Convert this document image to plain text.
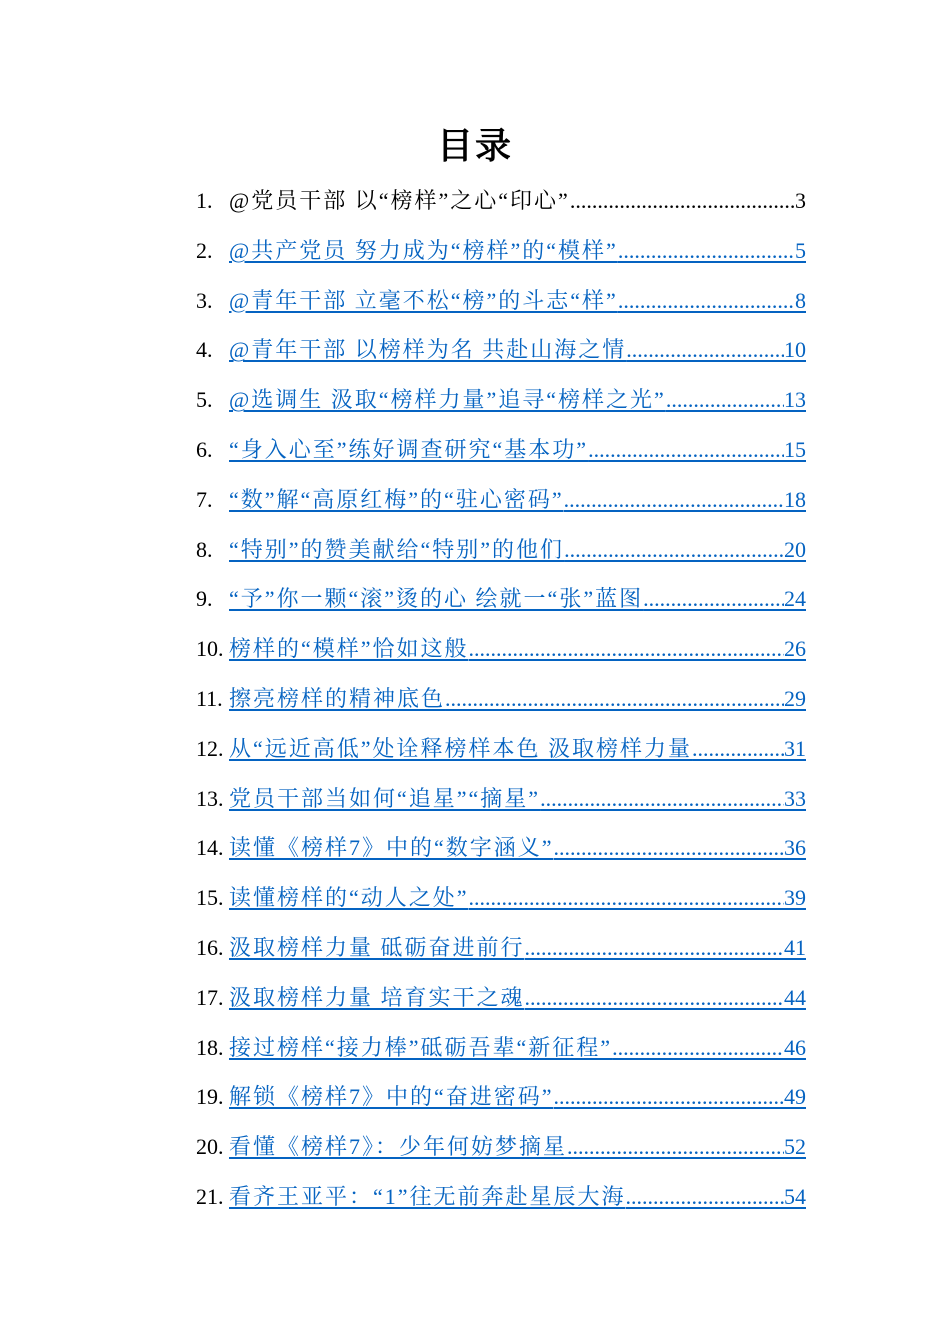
目录
1. @党员干部 以“榜样”之心“印心” .....	3
2. @共产党员 努力成为“榜样”的“模样” .....	5
3. @青年干部 立毫不松“榜”的斗志“样” .....	8
4. @青年干部 以榜样为名 共赴山海之情 .....	10
5. @选调生 汲取“榜样力量”追寻“榜样之光” .....	13
6. “身入心至”练好调查研究“基本功” .....	15
7. “数”解“高原红梅”的“驻心密码” .....	18
8. “特别”的赞美献给“特别”的他们 .....	20
9. “予”你一颗“滚”烫的心 绘就一“张”蓝图 .....	24
10. 榜样的“模样”恰如这般 .....	26
11. 擦亮榜样的精神底色 .....	29
12. 从“远近高低”处诠释榜样本色 汲取榜样力量 .....	31
13. 党员干部当如何“追星”“摘星” .....	33
14. 读懂《榜样7》中的“数字涵义” .....	36
15. 读懂榜样的“动人之处” .....	39
16. 汲取榜样力量 砥砺奋进前行 .....	41
17. 汲取榜样力量 培育实干之魂 .....	44
18. 接过榜样“接力棒”砥砺吾辈“新征程” .....	46
19. 解锁《榜样7》中的“奋进密码” .....	49
20. 看懂《榜样7》：少年何妨梦摘星 .....	52
21. 看齐王亚平：“1”往无前奔赴星辰大海 .....	54
